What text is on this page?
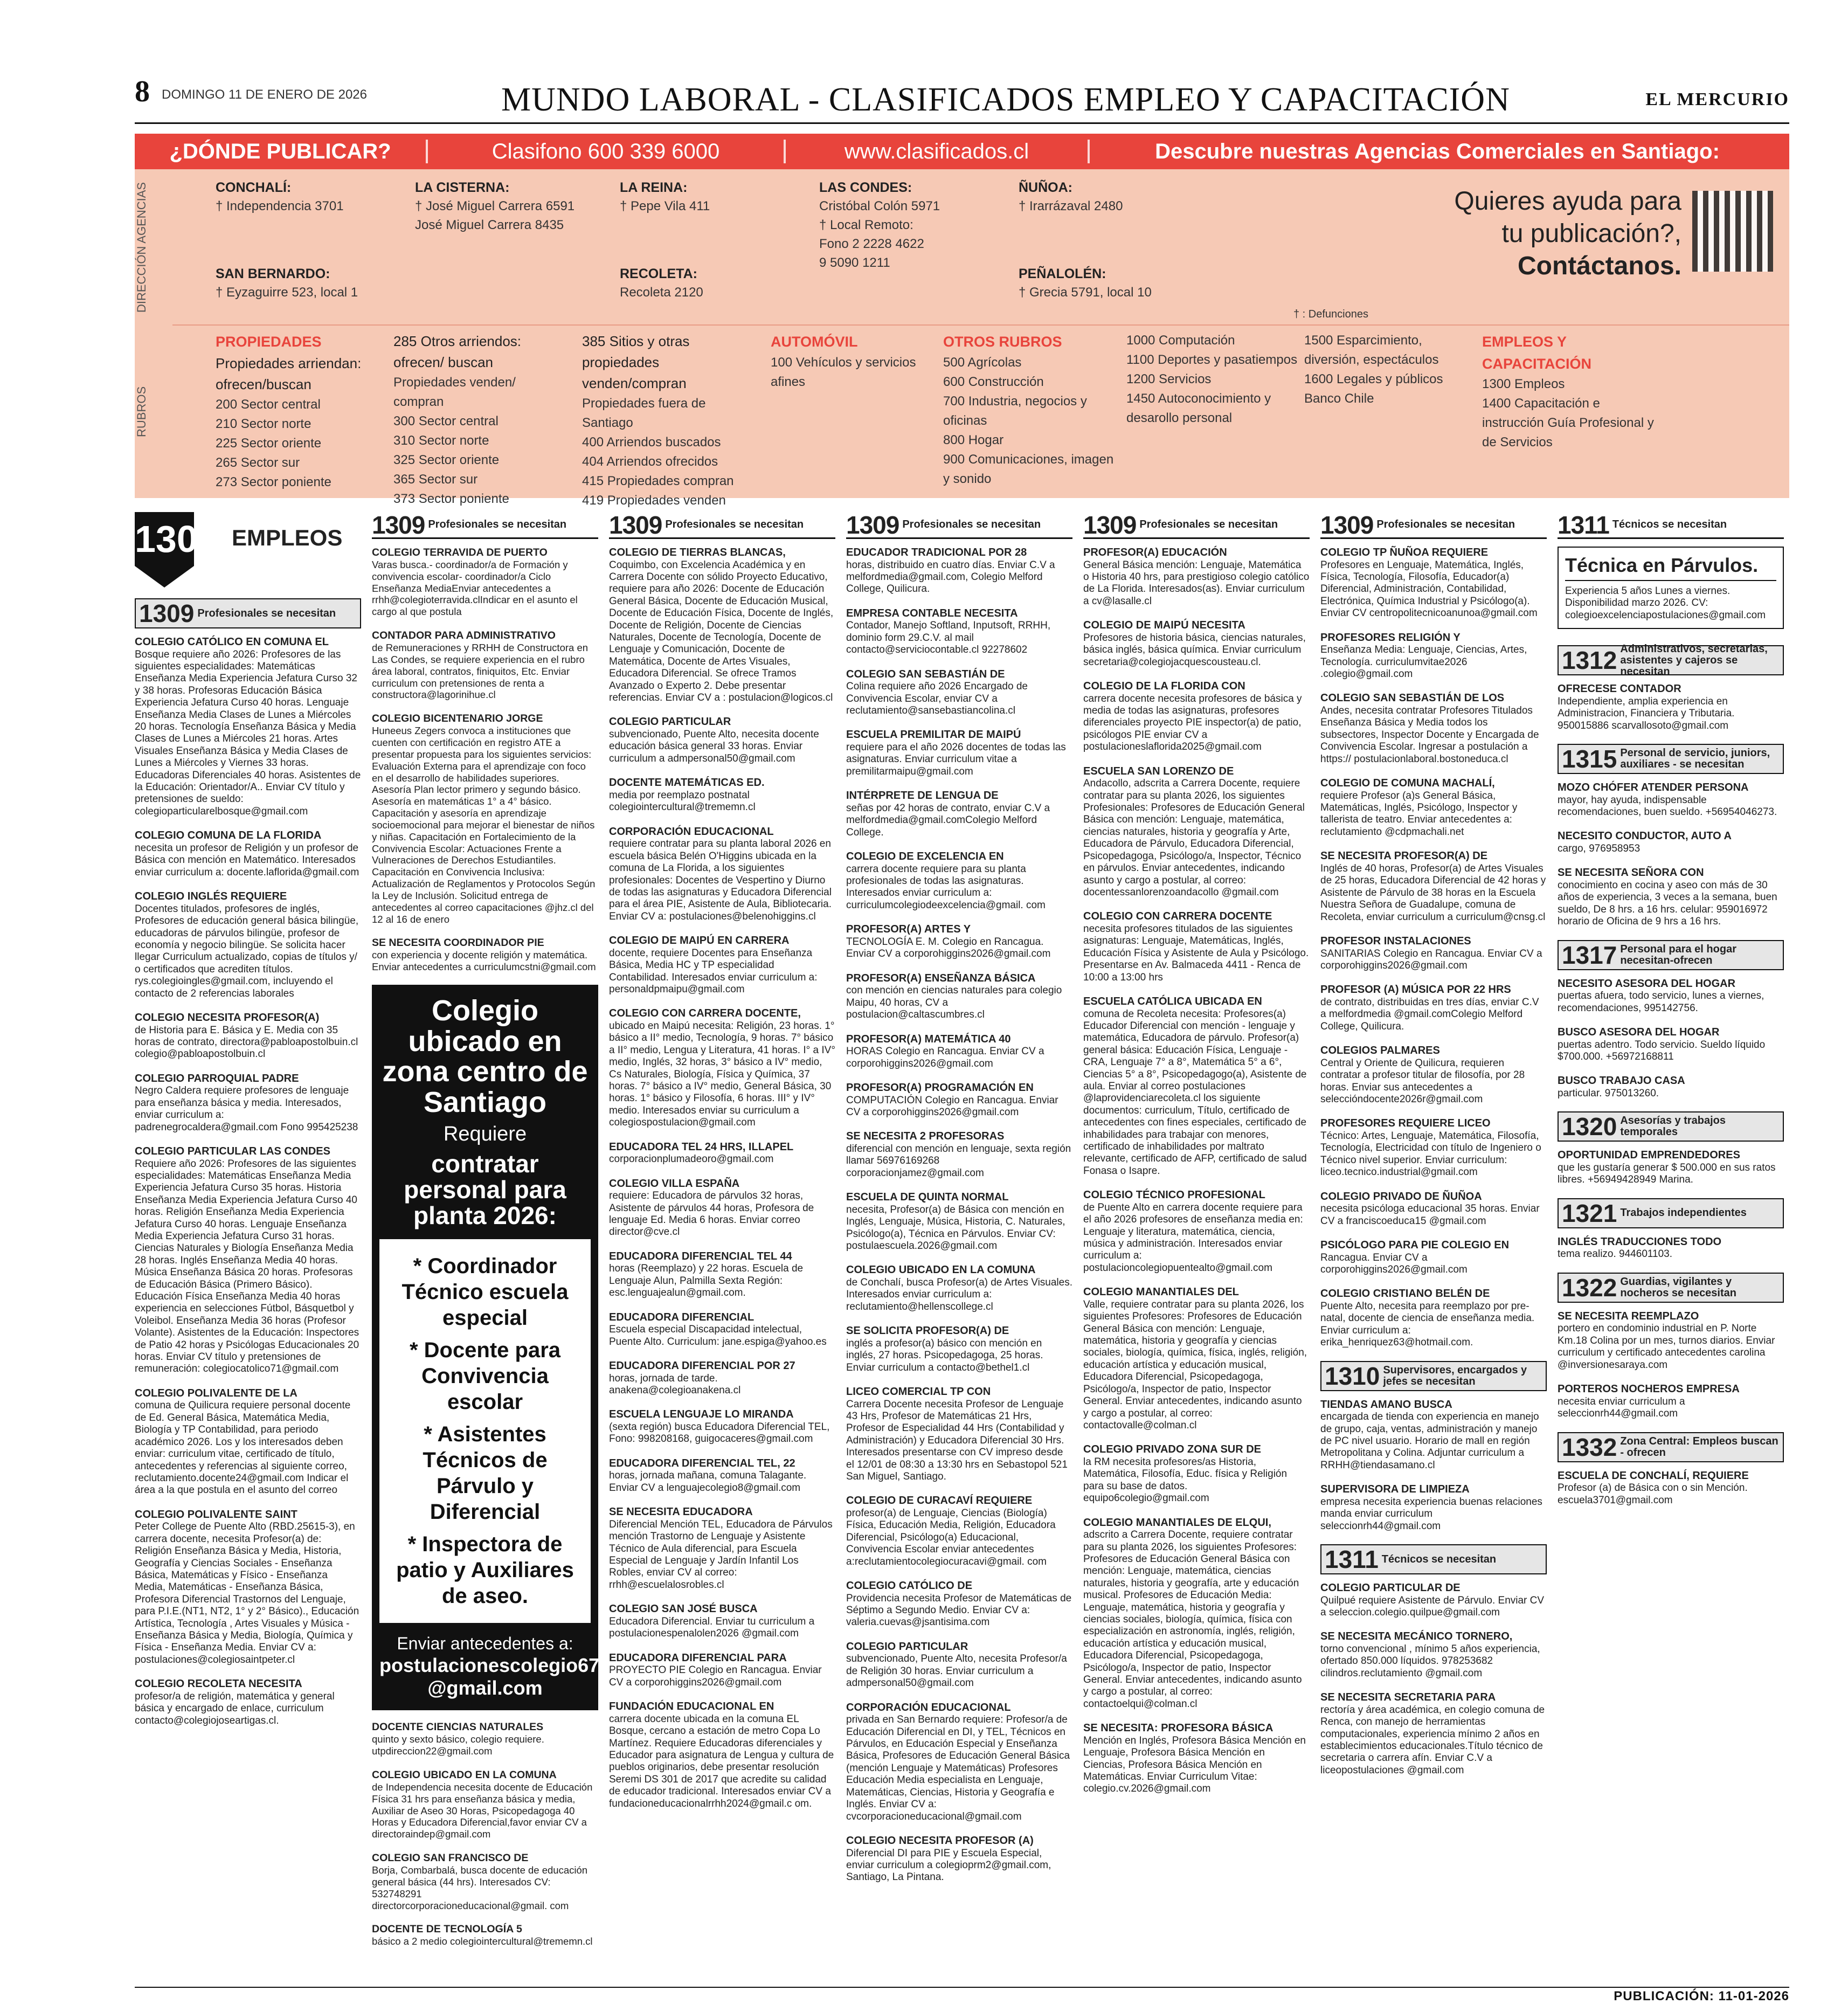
8 DOMINGO 11 DE ENERO DE 2026	MUNDO LABORAL - CLASIFICADOS EMPLEO Y CAPACITACIÓN	EL MERCURIO
¿DÓNDE PUBLICAR?	Clasifono 600 339 6000	www.clasificados.cl	Descubre nuestras Agencias Comerciales en Santiago:
DIRECCIÓN AGENCIAS
RUBROS
CONCHALÍ:
† Independencia 3701
SAN BERNARDO:
† Eyzaguirre 523, local 1
LA CISTERNA:
† José Miguel Carrera 6591
José Miguel Carrera 8435
LA REINA:
† Pepe Vila 411
RECOLETA:
Recoleta 2120
LAS CONDES:
Cristóbal Colón 5971
† Local Remoto:
Fono 2 2228 4622
9 5090 1211
ÑUÑOA:
† Irarrázaval 2480
PEÑALOLÉN:
† Grecia 5791, local 10
PROPIEDADES
Propiedades arriendan: ofrecen/buscan
200 Sector central
210 Sector norte
225 Sector oriente
265 Sector sur
273 Sector poniente
285 Otros arriendos: ofrecen/ buscan
Propiedades venden/ compran
300 Sector central
310 Sector norte
325 Sector oriente
365 Sector sur
373 Sector poniente
385 Sitios y otras propiedades venden/compran
Propiedades fuera de Santiago
400 Arriendos buscados
404 Arriendos ofrecidos
415 Propiedades compran
419 Propiedades venden
AUTOMÓVIL
100 Vehículos y servicios afines
OTROS RUBROS
500 Agrícolas
600 Construcción
700 Industria, negocios y oficinas
800 Hogar
900 Comunicaciones, imagen y sonido
1000 Computación
1100 Deportes y pasatiempos
1200 Servicios
1450 Autoconocimiento y desarollo personal
1500 Esparcimiento, diversión, espectáculos
1600 Legales y públicos Banco Chile
EMPLEOS Y CAPACITACIÓN
1300 Empleos
1400 Capacitación e instrucción Guía Profesional y de Servicios
Quieres ayuda para
tu publicación?,
Contáctanos.
† : Defunciones
1300 EMPLEOS
1309 Profesionales se necesitan
COLEGIO CATÓLICO EN COMUNA EL
Bosque requiere año 2026: Profesores de las siguientes especialidades: Matemáticas Enseñanza Media Experiencia Jefatura Curso 32 y 38 horas. Profesoras Educación Básica Experiencia Jefatura Curso 40 horas. Lenguaje Enseñanza Media Clases de Lunes a Miércoles 20 horas. Tecnología Enseñanza Básica y Media Clases de Lunes a Miércoles 21 horas. Artes Visuales Enseñanza Básica y Media Clases de Lunes a Miércoles y Viernes 33 horas. Educadoras Diferenciales 40 horas. Asistentes de la Educación: Orientador/A.. Enviar CV título y pretensiones de sueldo: colegioparticularelbosque@gmail.com
COLEGIO COMUNA DE LA FLORIDA
necesita un profesor de Religión y un profesor de Básica con mención en Matemático. Interesados enviar curriculum a: docente.laflorida@gmail.com
COLEGIO INGLÉS REQUIERE
Docentes titulados, profesores de inglés, Profesores de educación general básica bilingüe, educadoras de párvulos bilingüe, profesor de economía y negocio bilingüe. Se solicita hacer llegar Curriculum actualizado, copias de títulos y/ o certificados que acrediten títulos. rys.colegioingles@gmail.com, incluyendo el contacto de 2 referencias laborales
COLEGIO NECESITA PROFESOR(A)
de Historia para E. Básica y E. Media con 35 horas de contrato, directora@pabloapostolbuin.cl colegio@pabloapostolbuin.cl
COLEGIO PARROQUIAL PADRE
Negro Caldera requiere profesores de lenguaje para enseñanza básica y media. Interesados, enviar curriculum a: padrenegrocaldera@gmail.com Fono 995425238
COLEGIO PARTICULAR LAS CONDES
Requiere año 2026: Profesores de las siguientes especialidades: Matemáticas Enseñanza Media Experiencia Jefatura Curso 35 horas. Historia Enseñanza Media Experiencia Jefatura Curso 40 horas. Religión Enseñanza Media Experiencia Jefatura Curso 40 horas. Lenguaje Enseñanza Media Experiencia Jefatura Curso 31 horas. Ciencias Naturales y Biología Enseñanza Media 28 horas. Inglés Enseñanza Media 40 horas. Música Enseñanza Básica 20 horas. Profesoras de Educación Básica (Primero Básico). Educación Física Enseñanza Media 40 horas experiencia en selecciones Fútbol, Básquetbol y Voleibol. Enseñanza Media 36 horas (Profesor Volante). Asistentes de la Educación: Inspectores de Patio 42 horas y Psicólogas Educacionales 20 horas. Enviar CV título y pretensiones de remuneración: colegiocatolico71@gmail.com
COLEGIO POLIVALENTE DE LA
comuna de Quilicura requiere personal docente de Ed. General Básica, Matemática Media, Biología y TP Contabilidad, para periodo académico 2026. Los y los interesados deben enviar: curriculum vitae, certificado de título, antecedentes y referencias al siguiente correo, reclutamiento.docente24@gmail.com Indicar el área a la que postula en el asunto del correo
COLEGIO POLIVALENTE SAINT
Peter College de Puente Alto (RBD.25615-3), en carrera docente, necesita Profesor(a) de: Religión Enseñanza Básica y Media, Historia, Geografía y Ciencias Sociales - Enseñanza Básica, Matemáticas y Físico - Enseñanza Media, Matemáticas - Enseñanza Básica, Profesora Diferencial Trastornos del Lenguaje, para P.I.E.(NT1, NT2, 1° y 2° Básico)., Educación Artística, Tecnología , Artes Visuales y Música - Enseñanza Básica y Media, Biología, Química y Física - Enseñanza Media. Enviar CV a: postulaciones@colegiosaintpeter.cl
COLEGIO RECOLETA NECESITA
profesor/a de religión, matemática y general básica y encargado de enlace, curriculum contacto@colegiojoseartigas.cl.
1309 Profesionales se necesitan
COLEGIO TERRAVIDA DE PUERTO
Varas busca.- coordinador/a de Formación y convivencia escolar- coordinador/a Ciclo Enseñanza MediaEnviar antecedentes a rrhh@colegioterravida.clIndicar en el asunto el cargo al que postula
CONTADOR PARA ADMINISTRATIVO
de Remuneraciones y RRHH de Constructora en Las Condes, se requiere experiencia en el rubro área laboral, contratos, finiquitos, Etc. Enviar curriculum con pretensiones de renta a constructora@lagorinihue.cl
COLEGIO BICENTENARIO JORGE
Huneeus Zegers convoca a instituciones que cuenten con certificación en registro ATE a presentar propuesta para los siguientes servicios: Evaluación Externa para el aprendizaje con foco en el desarrollo de habilidades superiores. Asesoría Plan lector primero y segundo básico. Asesoría en matemáticas 1° a 4° básico. Capacitación y asesoría en aprendizaje socioemocional para mejorar el bienestar de niños y niñas. Capacitación en Fortalecimiento de la Convivencia Escolar: Actuaciones Frente a Vulneraciones de Derechos Estudiantiles. Capacitación en Convivencia Inclusiva: Actualización de Reglamentos y Protocolos Según la Ley de Inclusión. Solicitud entrega de antecedentes al correo capacitaciones @jhz.cl del 12 al 16 de enero
SE NECESITA COORDINADOR PIE
con experiencia y docente religión y matemática. Enviar antecedentes a curriculumcstni@gmail.com
Colegio ubicado en zona centro de Santiago
Requiere
contratar personal para planta 2026:
* Coordinador Técnico escuela especial
* Docente para Convivencia escolar
* Asistentes Técnicos de Párvulo y Diferencial
* Inspectora de patio y Auxiliares de aseo.
Enviar antecedentes a:
postulacionescolegio67 @gmail.com
DOCENTE CIENCIAS NATURALES
quinto y sexto básico, colegio requiere. utpdireccion22@gmail.com
COLEGIO UBICADO EN LA COMUNA
de Independencia necesita docente de Educación Física 31 hrs para enseñanza básica y media, Auxiliar de Aseo 30 Horas, Psicopedagoga 40 Horas y Educadora Diferencial,favor enviar CV a directoraindep@gmail.com
COLEGIO SAN FRANCISCO DE
Borja, Combarbalá, busca docente de educación general básica (44 hrs). Interesados CV: 532748291 directorcorporacioneducacional@gmail. com
DOCENTE DE TECNOLOGÍA 5
básico a 2 medio colegiointercultural@trememn.cl
1309 Profesionales se necesitan
COLEGIO DE TIERRAS BLANCAS,
Coquimbo, con Excelencia Académica y en Carrera Docente con sólido Proyecto Educativo, requiere para año 2026: Docente de Educación General Básica, Docente de Educación Musical, Docente de Educación Física, Docente de Inglés, Docente de Religión, Docente de Ciencias Naturales, Docente de Tecnología, Docente de Lenguaje y Comunicación, Docente de Matemática, Docente de Artes Visuales, Educadora Diferencial. Se ofrece Tramos Avanzado o Experto 2. Debe presentar referencias. Enviar CV a : postulacion@logicos.cl
COLEGIO PARTICULAR
subvencionado, Puente Alto, necesita docente educación básica general 33 horas. Enviar curriculum a admpersonal50@gmail.com
DOCENTE MATEMÁTICAS ED.
media por reemplazo postnatal colegiointercultural@trememn.cl
CORPORACIÓN EDUCACIONAL
requiere contratar para su planta laboral 2026 en escuela básica Belén O'Higgins ubicada en la comuna de La Florida, a los siguientes profesionales: Docentes de Vespertino y Diurno de todas las asignaturas y Educadora Diferencial para el área PIE, Asistente de Aula, Bibliotecaria. Enviar CV a: postulaciones@belenohiggins.cl
COLEGIO DE MAIPÚ EN CARRERA
docente, requiere Docentes para Enseñanza Básica, Media HC y TP especialidad Contabilidad. Interesados enviar curriculum a: personaldpmaipu@gmail.com
COLEGIO CON CARRERA DOCENTE,
ubicado en Maipú necesita: Religión, 23 horas. 1° básico a II° medio, Tecnología, 9 horas. 7° básico a II° medio, Lengua y Literatura, 41 horas. I° a IV° medio, Inglés, 32 horas, 3° básico a IV° medio, Cs Naturales, Biología, Física y Química, 37 horas. 7° básico a IV° medio, General Básica, 30 horas. 1° básico y Filosofía, 6 horas. III° y IV° medio. Interesados enviar su curriculum a colegiospostulacion@gmail.com
EDUCADORA TEL 24 HRS, ILLAPEL
corporacionplumadeoro@gmail.com
COLEGIO VILLA ESPAÑA
requiere: Educadora de párvulos 32 horas, Asistente de párvulos 44 horas, Profesora de lenguaje Ed. Media 6 horas. Enviar correo director@cve.cl
EDUCADORA DIFERENCIAL TEL 44
horas (Reemplazo) y 22 horas. Escuela de Lenguaje Alun, Palmilla Sexta Región: esc.lenguajealun@gmail.com.
EDUCADORA DIFERENCIAL
Escuela especial Discapacidad intelectual, Puente Alto. Curriculum: jane.espiga@yahoo.es
EDUCADORA DIFERENCIAL POR 27
horas, jornada de tarde. anakena@colegioanakena.cl
ESCUELA LENGUAJE LO MIRANDA
(sexta región) busca Educadora Diferencial TEL, Fono: 998208168, guigocaceres@gmail.com
EDUCADORA DIFERENCIAL TEL, 22
horas, jornada mañana, comuna Talagante. Enviar CV a lenguajecolegio8@gmail.com
SE NECESITA EDUCADORA
Diferencial Mención TEL, Educadora de Párvulos mención Trastorno de Lenguaje y Asistente Técnico de Aula diferencial, para Escuela Especial de Lenguaje y Jardín Infantil Los Robles, enviar CV al correo: rrhh@escuelalosrobles.cl
COLEGIO SAN JOSÉ BUSCA
Educadora Diferencial. Enviar tu curriculum a postulacionespenalolen2026 @gmail.com
EDUCADORA DIFERENCIAL PARA
PROYECTO PIE Colegio en Rancagua. Enviar CV a corporohiggins2026@gmail.com
FUNDACIÓN EDUCACIONAL EN
carrera docente ubicada en la comuna EL Bosque, cercano a estación de metro Copa Lo Martínez. Requiere Educadoras diferenciales y Educador para asignatura de Lengua y cultura de pueblos originarios, debe presentar resolución Seremi DS 301 de 2017 que acredite su calidad de educador tradicional. Interesados enviar CV a fundacioneducacionalrrhh2024@gmail.c om.
1309 Profesionales se necesitan
EDUCADOR TRADICIONAL POR 28
horas, distribuido en cuatro días. Enviar C.V a melfordmedia@gmail.com, Colegio Melford College, Quilicura.
EMPRESA CONTABLE NECESITA
Contador, Manejo Softland, Inputsoft, RRHH, dominio form 29.C.V. al mail contacto@serviciocontable.cl 92278602
COLEGIO SAN SEBASTIÁN DE
Colina requiere año 2026 Encargado de Convivencia Escolar, enviar CV a reclutamiento@sansebastiancolina.cl
ESCUELA PREMILITAR DE MAIPÚ
requiere para el año 2026 docentes de todas las asignaturas. Enviar curriculum vitae a premilitarmaipu@gmail.com
INTÉRPRETE DE LENGUA DE
señas por 42 horas de contrato, enviar C.V a melfordmedia@gmail.comColegio Melford College.
COLEGIO DE EXCELENCIA EN
carrera docente requiere para su planta profesionales de todas las asignaturas. Interesados enviar curriculum a: curriculumcolegiodeexcelencia@gmail. com
PROFESOR(A) ARTES Y
TECNOLOGÍA E. M. Colegio en Rancagua. Enviar CV a corporohiggins2026@gmail.com
PROFESOR(A) ENSEÑANZA BÁSICA
con mención en ciencias naturales para colegio Maipu, 40 horas, CV a postulacion@caltascumbres.cl
PROFESOR(A) MATEMÁTICA 40
HORAS Colegio en Rancagua. Enviar CV a corporohiggins2026@gmail.com
PROFESOR(A) PROGRAMACIÓN EN
COMPUTACIÓN Colegio en Rancagua. Enviar CV a corporohiggins2026@gmail.com
SE NECESITA 2 PROFESORAS
diferencial con mención en lenguaje, sexta región llamar 56976169268 corporacionjamez@gmail.com
ESCUELA DE QUINTA NORMAL
necesita, Profesor(a) de Básica con mención en Inglés, Lenguaje, Música, Historia, C. Naturales, Psicólogo(a), Técnica en Párvulos. Enviar CV: postulaescuela.2026@gmail.com
COLEGIO UBICADO EN LA COMUNA
de Conchalí, busca Profesor(a) de Artes Visuales. Interesados enviar curriculum a: reclutamiento@hellenscollege.cl
SE SOLICITA PROFESOR(A) DE
inglés a profesor(a) básico con mención en inglés, 27 horas. Psicopedagoga, 25 horas. Enviar curriculum a contacto@bethel1.cl
LICEO COMERCIAL TP CON
Carrera Docente necesita Profesor de Lenguaje 43 Hrs, Profesor de Matemáticas 21 Hrs, Profesor de Especialidad 44 Hrs (Contabilidad y Administración) y Educadora Diferencial 30 Hrs. Interesados presentarse con CV impreso desde el 12/01 de 08:30 a 13:30 hrs en Sebastopol 521 San Miguel, Santiago.
COLEGIO DE CURACAVÍ REQUIERE
profesor(a) de Lenguaje, Ciencias (Biología) Física, Educación Media, Religión, Educadora Diferencial, Psicólogo(a) Educacional, Convivencia Escolar enviar antecedentes a:reclutamientocolegiocuracavi@gmail. com
COLEGIO CATÓLICO DE
Providencia necesita Profesor de Matemáticas de Séptimo a Segundo Medio. Enviar CV a: valeria.cuevas@jsantisima.com
COLEGIO PARTICULAR
subvencionado, Puente Alto, necesita Profesor/a de Religión 30 horas. Enviar curriculum a admpersonal50@gmail.com
CORPORACIÓN EDUCACIONAL
privada en San Bernardo requiere: Profesor/a de Educación Diferencial en DI, y TEL, Técnicos en Párvulos, en Educación Especial y Enseñanza Básica, Profesores de Educación General Básica (mención Lenguaje y Matemáticas) Profesores Educación Media especialista en Lenguaje, Matemáticas, Ciencias, Historia y Geografía e Inglés. Enviar CV a: cvcorporacioneducacional@gmail.com
COLEGIO NECESITA PROFESOR (A)
Diferencial DI para PIE y Escuela Especial, enviar curriculum a colegioprm2@gmail.com, Santiago, La Pintana.
1309 Profesionales se necesitan
PROFESOR(A) EDUCACIÓN
General Básica mención: Lenguaje, Matemática o Historia 40 hrs, para prestigioso colegio católico de La Florida. Interesados(as). Enviar curriculum a cv@lasalle.cl
COLEGIO DE MAIPÚ NECESITA
Profesores de historia básica, ciencias naturales, básica inglés, básica química. Enviar curriculum secretaria@colegiojacquescousteau.cl.
COLEGIO DE LA FLORIDA CON
carrera docente necesita profesores de básica y media de todas las asignaturas, profesores diferenciales proyecto PIE inspector(a) de patio, psicólogos PIE enviar CV a postulacioneslaflorida2025@gmail.com
ESCUELA SAN LORENZO DE
Andacollo, adscrita a Carrera Docente, requiere contratar para su planta 2026, los siguientes Profesionales: Profesores de Educación General Básica con mención: Lenguaje, matemática, ciencias naturales, historia y geografía y Arte, Educadora de Párvulo, Educadora Diferencial, Psicopedagoga, Psicólogo/a, Inspector, Técnico en párvulos. Enviar antecedentes, indicando asunto y cargo a postular, al correo: docentessanlorenzoandacollo @gmail.com
COLEGIO CON CARRERA DOCENTE
necesita profesores titulados de las siguientes asignaturas: Lenguaje, Matemáticas, Inglés, Educación Física y Asistente de Aula y Psicólogo. Presentarse en Av. Balmaceda 4411 - Renca de 10:00 a 13:00 hrs
ESCUELA CATÓLICA UBICADA EN
comuna de Recoleta necesita: Profesores(a) Educador Diferencial con mención - lenguaje y matemática, Educadora de párvulo. Profesor(a) general básica: Educación Física, Lenguaje - CRA, Lenguaje 7° a 8°, Matemática 5° a 6°, Ciencias 5° a 8°, Psicopedagogo(a), Asistente de aula. Enviar al correo postulaciones @laprovidenciarecoleta.cl los siguiente documentos: curriculum, Título, certificado de antecedentes con fines especiales, certificado de inhabilidades para trabajar con menores, certificado de inhabilidades por maltrato relevante, certificado de AFP, certificado de salud Fonasa o Isapre.
COLEGIO TÉCNICO PROFESIONAL
de Puente Alto en carrera docente requiere para el año 2026 profesores de enseñanza media en: Lenguaje y literatura, matemática, ciencia, música y administración. Interesados enviar curriculum a: postulacioncolegiopuentealto@gmail.com
COLEGIO MANANTIALES DEL
Valle, requiere contratar para su planta 2026, los siguientes Profesores: Profesores de Educación General Básica con mención: Lenguaje, matemática, historia y geografía y ciencias sociales, biología, química, física, inglés, religión, educación artística y educación musical, Educadora Diferencial, Psicopedagoga, Psicólogo/a, Inspector de patio, Inspector General. Enviar antecedentes, indicando asunto y cargo a postular, al correo: contactovalle@colman.cl
COLEGIO PRIVADO ZONA SUR DE
la RM necesita profesores/as Historia, Matemática, Filosofía, Educ. física y Religión para su base de datos. equipo6colegio@gmail.com
COLEGIO MANANTIALES DE ELQUI,
adscrito a Carrera Docente, requiere contratar para su planta 2026, los siguientes Profesores: Profesores de Educación General Básica con mención: Lenguaje, matemática, ciencias naturales, historia y geografía, arte y educación musical. Profesores de Educación Media: Lenguaje, matemática, historia y geografía y ciencias sociales, biología, química, física con especialización en astronomía, inglés, religión, educación artística y educación musical, Educadora Diferencial, Psicopedagoga, Psicólogo/a, Inspector de patio, Inspector General. Enviar antecedentes, indicando asunto y cargo a postular, al correo: contactoelqui@colman.cl
SE NECESITA: PROFESORA BÁSICA
Mención en Inglés, Profesora Básica Mención en Lenguaje, Profesora Básica Mención en Ciencias, Profesora Básica Mención en Matemáticas. Enviar Curriculum Vitae: colegio.cv.2026@gmail.com
1309 Profesionales se necesitan
COLEGIO TP ÑUÑOA REQUIERE
Profesores en Lenguaje, Matemática, Inglés, Física, Tecnología, Filosofía, Educador(a) Diferencial, Administración, Contabilidad, Electrónica, Química Industrial y Psicólogo(a). Enviar CV centropolitecnicoanunoa@gmail.com
PROFESORES RELIGIÓN Y
Enseñanza Media: Lenguaje, Ciencias, Artes, Tecnología. curriculumvitae2026 .colegio@gmail.com
COLEGIO SAN SEBASTIÁN DE LOS
Andes, necesita contratar Profesores Titulados Enseñanza Básica y Media todos los subsectores, Inspector Docente y Encargada de Convivencia Escolar. Ingresar a postulación a https:// postulacionlaboral.bostoneduca.cl
COLEGIO DE COMUNA MACHALÍ,
requiere Profesor (a)s General Básica, Matemáticas, Inglés, Psicólogo, Inspector y tallerista de teatro. Enviar antecedentes a: reclutamiento @cdpmachali.net
SE NECESITA PROFESOR(A) DE
Inglés de 40 horas, Profesor(a) de Artes Visuales de 25 horas, Educadora Diferencial de 42 horas y Asistente de Párvulo de 38 horas en la Escuela Nuestra Señora de Guadalupe, comuna de Recoleta, enviar curriculum a curriculum@cnsg.cl
PROFESOR INSTALACIONES
SANITARIAS Colegio en Rancagua. Enviar CV a corporohiggins2026@gmail.com
PROFESOR (A) MÚSICA POR 22 HRS
de contrato, distribuidas en tres días, enviar C.V a melfordmedia @gmail.comColegio Melford College, Quilicura.
COLEGIOS PALMARES
Central y Oriente de Quilicura, requieren contratar a profesor titular de filosofía, por 28 horas. Enviar sus antecedentes a seleccióndocente2026r@gmail.com
PROFESORES REQUIERE LICEO
Técnico: Artes, Lenguaje, Matemática, Filosofía, Tecnología, Electricidad con título de Ingeniero o Técnico nivel superior. Enviar curriculum: liceo.tecnico.industrial@gmail.com
COLEGIO PRIVADO DE ÑUÑOA
necesita psicóloga educacional 35 horas. Enviar CV a franciscoeduca15 @gmail.com
PSICÓLOGO PARA PIE COLEGIO EN
Rancagua. Enviar CV a corporohiggins2026@gmail.com
COLEGIO CRISTIANO BELÉN DE
Puente Alto, necesita para reemplazo por pre-natal, docente de ciencia de enseñanza media. Enviar curriculum a: erika_henriquez63@hotmail.com.
1310 Supervisores, encargados y jefes se necesitan
TIENDAS AMANO BUSCA
encargada de tienda con experiencia en manejo de grupo, caja, ventas, administración y manejo de PC nivel usuario. Horario de mall en región Metropolitana y Colina. Adjuntar curriculum a RRHH@tiendasamano.cl
SUPERVISORA DE LIMPIEZA
empresa necesita experiencia buenas relaciones manda enviar curriculum seleccionrh44@gmail.com
1311 Técnicos se necesitan
COLEGIO PARTICULAR DE
Quilpué requiere Asistente de Párvulo. Enviar CV a seleccion.colegio.quilpue@gmail.com
SE NECESITA MECÁNICO TORNERO,
torno convencional , mínimo 5 años experiencia, ofertado 850.000 líquidos. 978253682 cilindros.reclutamiento @gmail.com
SE NECESITA SECRETARIA PARA
rectoría y área académica, en colegio comuna de Renca, con manejo de herramientas computacionales, experiencia mínimo 2 años en establecimientos educacionales.Título técnico de secretaria o carrera afín. Enviar C.V a liceopostulaciones @gmail.com
1311 Técnicos se necesitan
Técnica en Párvulos.
Experiencia 5 años Lunes a viernes. Disponibilidad marzo 2026. CV: colegioexcelenciapostulaciones@gmail.com
1312 Administrativos, secretarias, asistentes y cajeros se necesitan
OFRECESE CONTADOR
Independiente, amplia experiencia en Administracion, Financiera y Tributaria. 950015886 scarvallosoto@gmail.com
1315 Personal de servicio, juniors, auxiliares - se necesitan
MOZO CHÓFER ATENDER PERSONA
mayor, hay ayuda, indispensable recomendaciones, buen sueldo. +56954046273.
NECESITO CONDUCTOR, AUTO A
cargo, 976958953
SE NECESITA SEÑORA CON
conocimiento en cocina y aseo con más de 30 años de experiencia, 3 veces a la semana, buen sueldo, De 8 hrs. a 16 hrs. celular: 959016972 horario de Oficina de 9 hrs a 16 hrs.
1317 Personal para el hogar necesitan-ofrecen
NECESITO ASESORA DEL HOGAR
puertas afuera, todo servicio, lunes a viernes, recomendaciones, 995142756.
BUSCO ASESORA DEL HOGAR
puertas adentro. Todo servicio. Sueldo líquido $700.000. +56972168811
BUSCO TRABAJO CASA
particular. 975013260.
1320 Asesorías y trabajos temporales
OPORTUNIDAD EMPRENDEDORES
que les gustaría generar $ 500.000 en sus ratos libres. +56949428949 Marina.
1321 Trabajos independientes
INGLÉS TRADUCCIONES TODO
tema realizo. 944601103.
1322 Guardias, vigilantes y nocheros se necesitan
SE NECESITA REEMPLAZO
portero en condominio industrial en P. Norte Km.18 Colina por un mes, turnos diarios. Enviar curriculum y certificado antecedentes carolina @inversionesaraya.com
PORTEROS NOCHEROS EMPRESA
necesita enviar curriculum a seleccionrh44@gmail.com
1332 Zona Central: Empleos buscan - ofrecen
ESCUELA DE CONCHALÍ, REQUIERE
Profesor (a) de Básica con o sin Mención. escuela3701@gmail.com
PUBLICACIÓN: 11-01-2026
